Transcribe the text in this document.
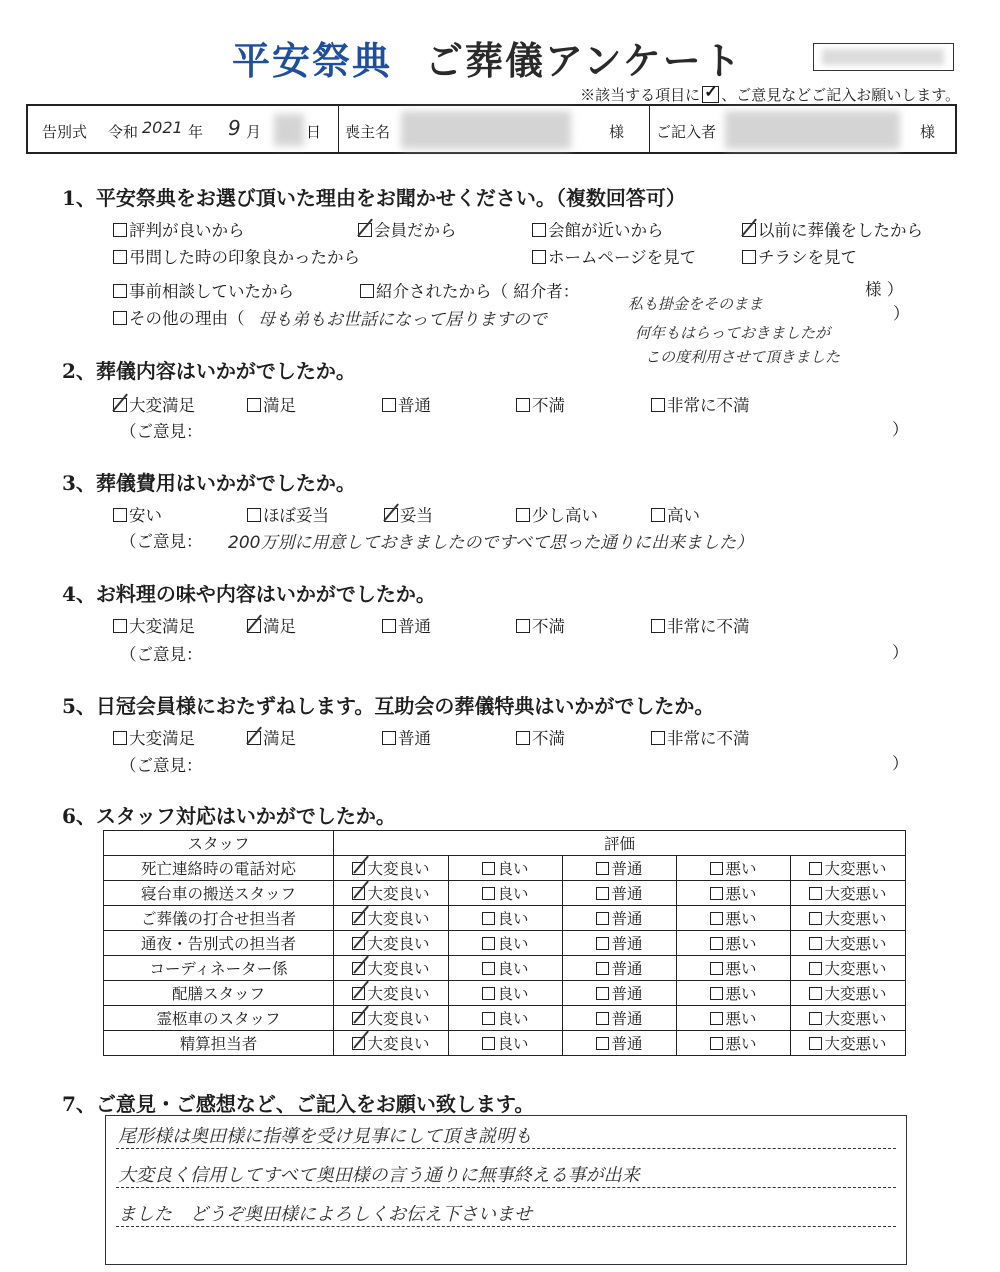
平安祭典 ご葬儀アンケート
※該当する項目に ✓ 、ご意見などご記入お願いします。
告別式 令和 2021 年 9 月	日 喪主名	様 ご記入者	様
1、平安祭典をお選び頂いた理由をお聞かせください。（複数回答可）
評判が良いから	会員だから	会館が近いから	以前に葬儀をしたから
弔問した時の印象良かったから	ホームページを見て	チラシを見て
事前相談していたから	紹介されたから（ 紹介者：	様 ）
その他の理由（ 母も弟もお世話になって居りますので
私も掛金をそのまま	）
何年もはらっておきましたが
この度利用させて頂きました
2、葬儀内容はいかがでしたか。
大変満足	満足	普通	不満	非常に不満
（ご意見：	）
3、葬儀費用はいかがでしたか。
安い	ほぼ妥当	妥当	少し高い	高い
（ご意見： 200万別に用意しておきましたのですべて思った通りに出来ました）
4、お料理の味や内容はいかがでしたか。
大変満足	満足	普通	不満	非常に不満
（ご意見：	）
5、日冠会員様におたずねします。互助会の葬儀特典はいかがでしたか。
大変満足	満足	普通	不満	非常に不満
（ご意見：	）
6、スタッフ対応はいかがでしたか。
スタッフ	評価				
死亡連絡時の電話対応	大変良い	良い	普通	悪い	大変悪い
寝台車の搬送スタッフ	大変良い	良い	普通	悪い	大変悪い
ご葬儀の打合せ担当者	大変良い	良い	普通	悪い	大変悪い
通夜・告別式の担当者	大変良い	良い	普通	悪い	大変悪い
コーディネーター係	大変良い	良い	普通	悪い	大変悪い
配膳スタッフ	大変良い	良い	普通	悪い	大変悪い
霊柩車のスタッフ	大変良い	良い	普通	悪い	大変悪い
精算担当者	大変良い	良い	普通	悪い	大変悪い
7、ご意見・ご感想など、ご記入をお願い致します。
尾形様は奥田様に指導を受け見事にして頂き説明も
大変良く信用してすべて奥田様の言う通りに無事終える事が出来
ました　どうぞ奥田様によろしくお伝え下さいませ
